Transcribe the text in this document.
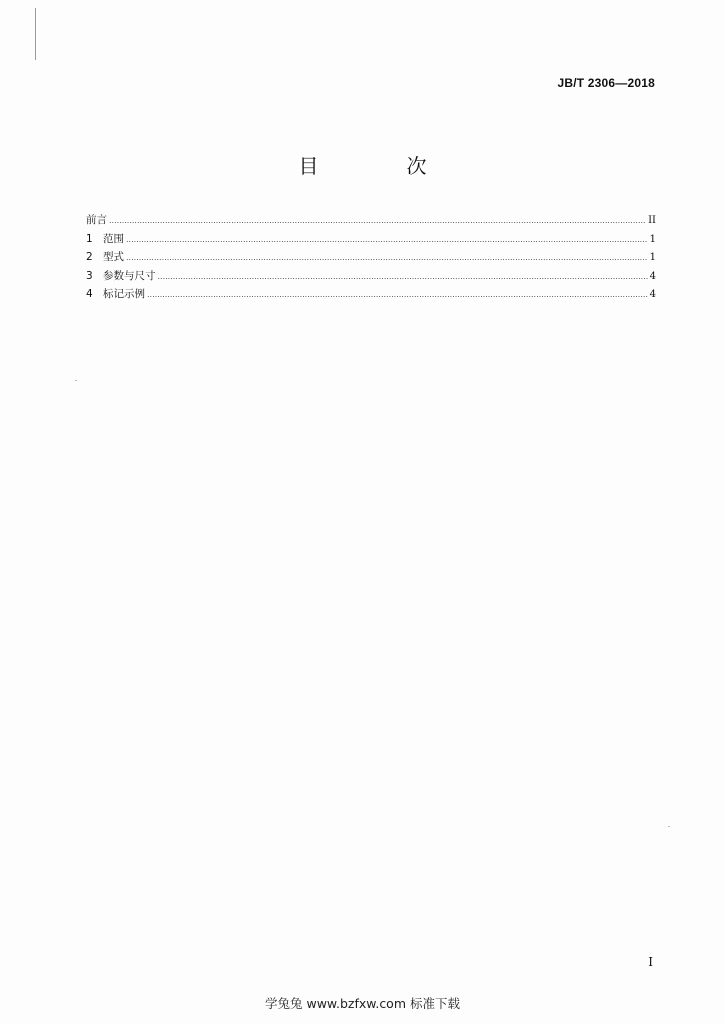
JB/T 2306—2018
目　次
前言 .....	II
1 范围 .....	1
2 型式 .....	1
3 参数与尺寸 .....	4
4 标记示例 .....	4
I
学兔兔 www.bzfxw.com 标准下载
